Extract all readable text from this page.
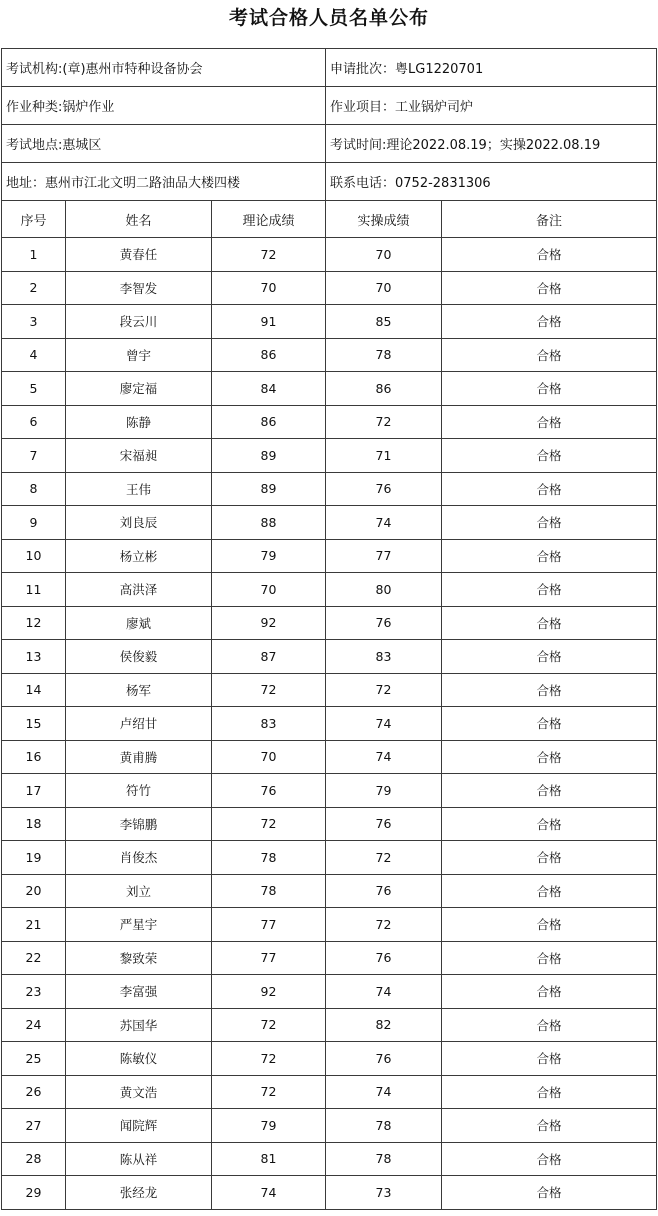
考试合格人员名单公布
考试机构:(章)惠州市特种设备协会	申请批次：粤LG1220701
作业种类:锅炉作业	作业项目：工业锅炉司炉
考试地点:惠城区	考试时间:理论2022.08.19；实操2022.08.19
地址：惠州市江北文明二路油品大楼四楼	联系电话：0752-2831306
序号	姓名	理论成绩	实操成绩	备注
1	黄春任	72	70	合格
2	李智发	70	70	合格
3	段云川	91	85	合格
4	曾宇	86	78	合格
5	廖定福	84	86	合格
6	陈静	86	72	合格
7	宋福昶	89	71	合格
8	王伟	89	76	合格
9	刘良辰	88	74	合格
10	杨立彬	79	77	合格
11	高洪泽	70	80	合格
12	廖斌	92	76	合格
13	侯俊毅	87	83	合格
14	杨军	72	72	合格
15	卢绍甘	83	74	合格
16	黄甫腾	70	74	合格
17	符竹	76	79	合格
18	李锦鹏	72	76	合格
19	肖俊杰	78	72	合格
20	刘立	78	76	合格
21	严星宇	77	72	合格
22	黎致荣	77	76	合格
23	李富强	92	74	合格
24	苏国华	72	82	合格
25	陈敏仪	72	76	合格
26	黄文浩	72	74	合格
27	闻院辉	79	78	合格
28	陈从祥	81	78	合格
29	张经龙	74	73	合格
